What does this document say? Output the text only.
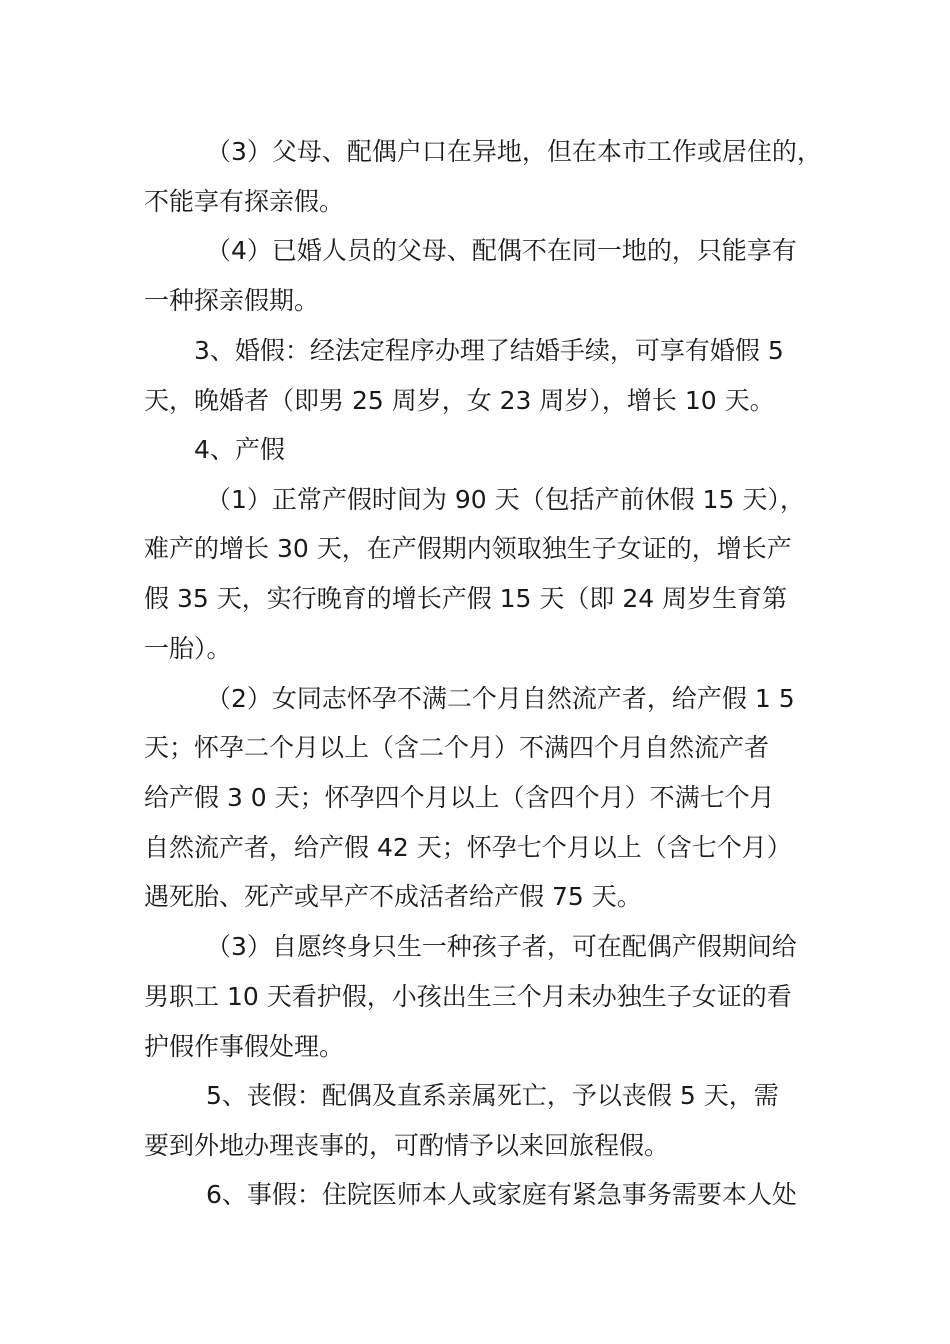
（3）父母、配偶户口在异地，但在本市工作或居住的，
不能享有探亲假。
（4）已婚人员的父母、配偶不在同一地的，只能享有
一种探亲假期。
3、婚假：经法定程序办理了结婚手续，可享有婚假 5
天，晚婚者（即男 25 周岁，女 23 周岁），增长 10 天。
4、产假
（1）正常产假时间为 90 天（包括产前休假 15 天），
难产的增长 30 天，在产假期内领取独生子女证的，增长产
假 35 天，实行晚育的增长产假 15 天（即 24 周岁生育第
一胎）。
（2）女同志怀孕不满二个月自然流产者，给产假 1 5
天；怀孕二个月以上（含二个月）不满四个月自然流产者
给产假 3 0 天；怀孕四个月以上（含四个月）不满七个月
自然流产者，给产假 42 天；怀孕七个月以上（含七个月）
遇死胎、死产或早产不成活者给产假 75 天。
（3）自愿终身只生一种孩子者，可在配偶产假期间给
男职工 10 天看护假，小孩出生三个月未办独生子女证的看
护假作事假处理。
5、丧假：配偶及直系亲属死亡，予以丧假 5 天，需
要到外地办理丧事的，可酌情予以来回旅程假。
6、事假：住院医师本人或家庭有紧急事务需要本人处
